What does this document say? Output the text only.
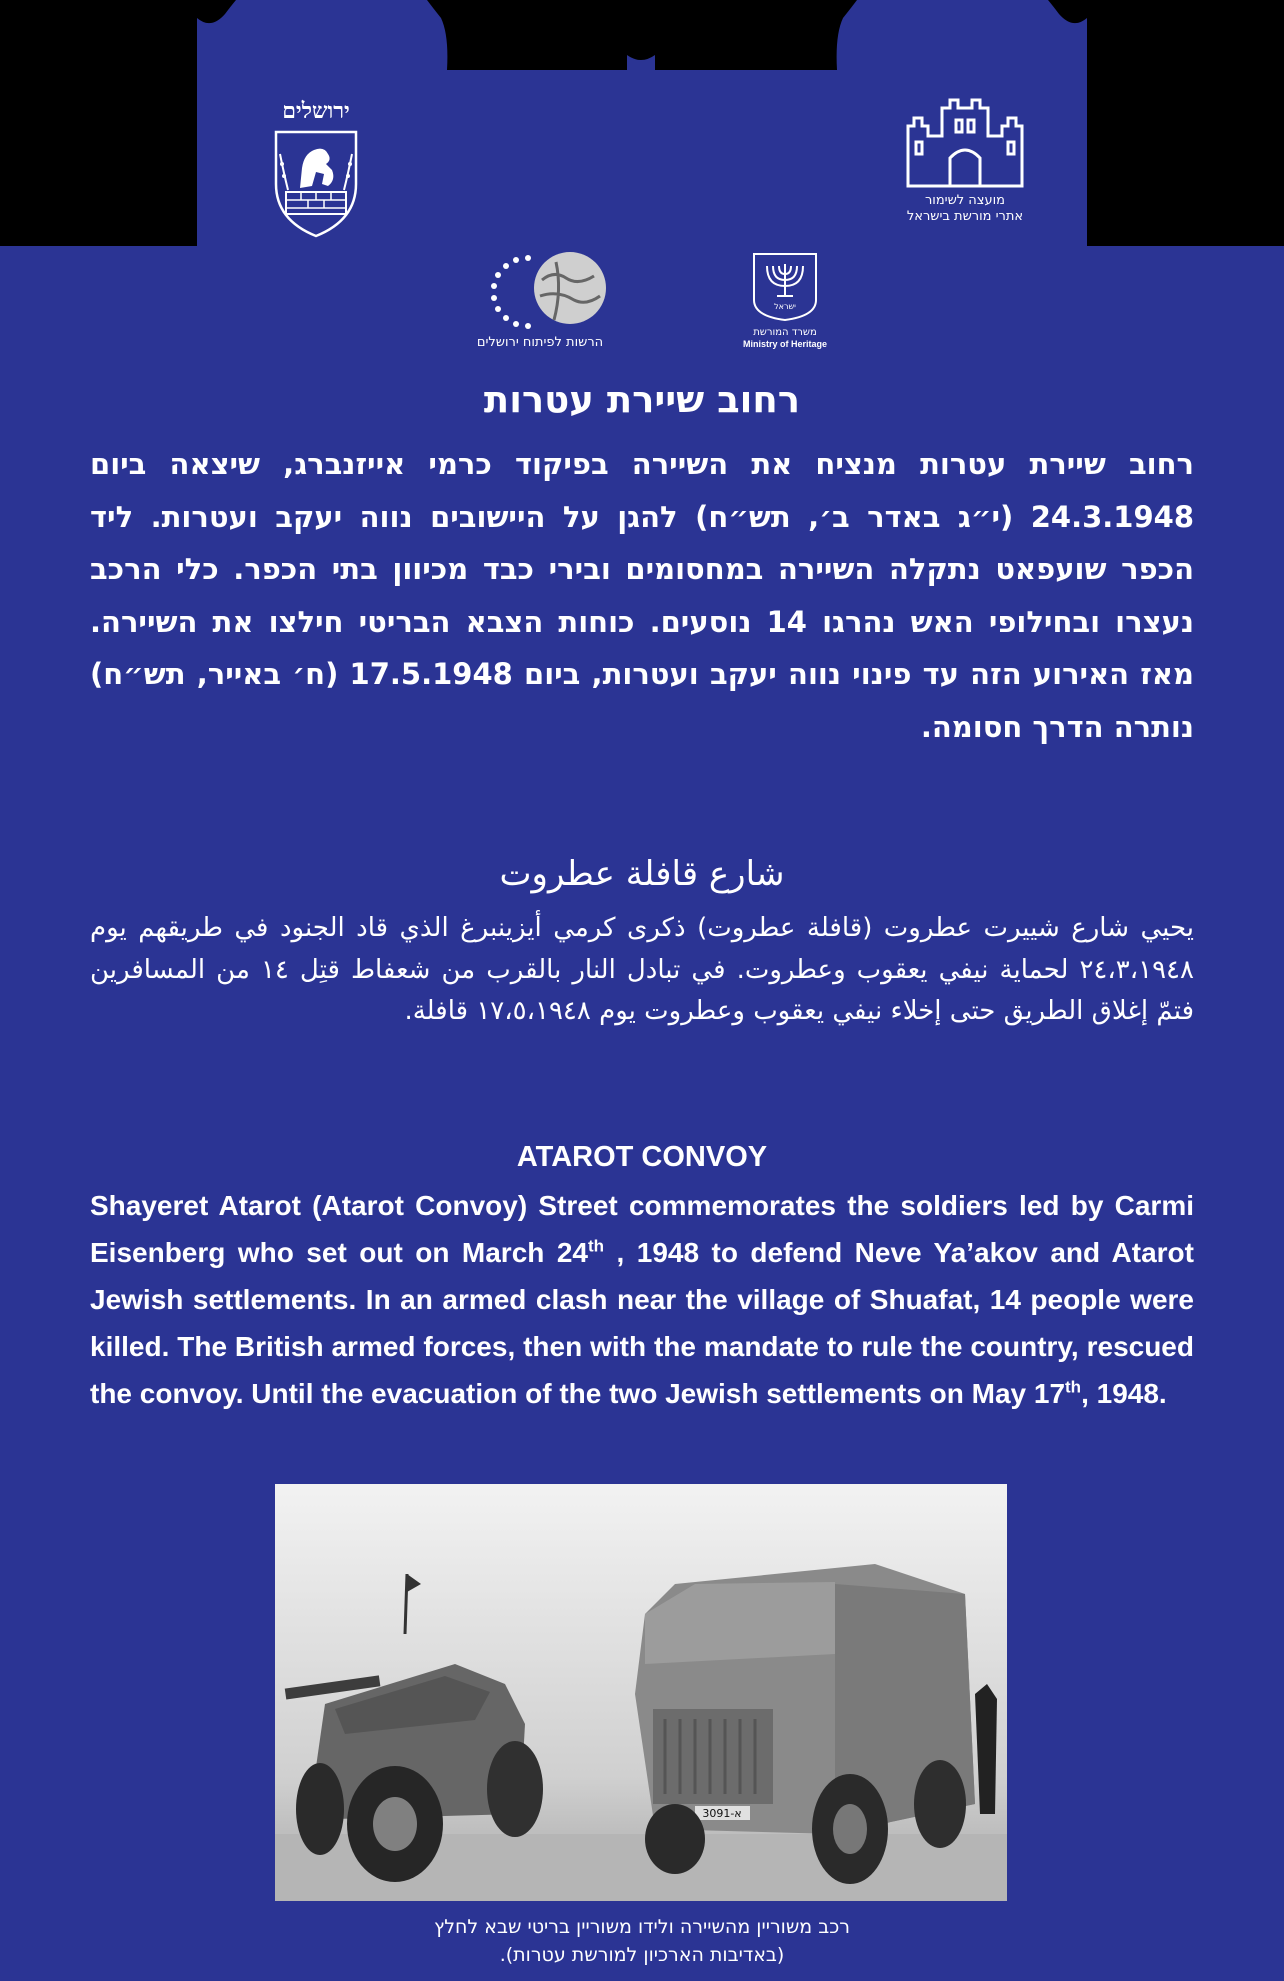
ירושלים
מועצה לשימור
אתרי מורשת בישראל
הרשות לפיתוח ירושלים
ישראל
משרד המורשת
Ministry of Heritage
רחוב שיירת עטרות

רחוב שיירת עטרות מנציח את השיירה בפיקוד כרמי אייזנברג, שיצאה ביום 24.3.1948 (י״ג באדר ב׳, תש״ח) להגן על היישובים נווה יעקב ועטרות. ליד הכפר שועפאט נתקלה השיירה במחסומים ובירי כבד מכיוון בתי הכפר. כלי הרכב נעצרו ובחילופי האש נהרגו 14 נוסעים. כוחות הצבא הבריטי חילצו את השיירה. מאז האירוע הזה עד פינוי נווה יעקב ועטרות, ביום 17.5.1948 (ח׳ באייר, תש״ח) נותרה הדרך חסומה.

شارع قافلة عطروت

يحيي شارع شييرت عطروت (قافلة عطروت) ذكرى كرمي أيزينبرغ الذي قاد الجنود في طريقهم يوم ٢٤،٣،١٩٤٨ لحماية نيفي يعقوب وعطروت. في تبادل النار بالقرب من شعفاط قتِل ١٤ من المسافرين فتمّ إغلاق الطريق حتى إخلاء نيفي يعقوب وعطروت يوم ١٧،٥،١٩٤٨ قافلة.

ATAROT CONVOY

Shayeret Atarot (Atarot Convoy) Street commemorates the soldiers led by Carmi Eisenberg who set out on March 24th , 1948 to defend Neve Ya’akov and Atarot Jewish settlements. In an armed clash near the village of Shuafat, 14 people were killed. The British armed forces, then with the mandate to rule the country, rescued the convoy. Until the evacuation of the two Jewish settlements on May 17th, 1948.

א-3091
רכב משוריין מהשיירה ולידו משוריין בריטי שבא לחלץ
(באדיבות הארכיון למורשת עטרות).
